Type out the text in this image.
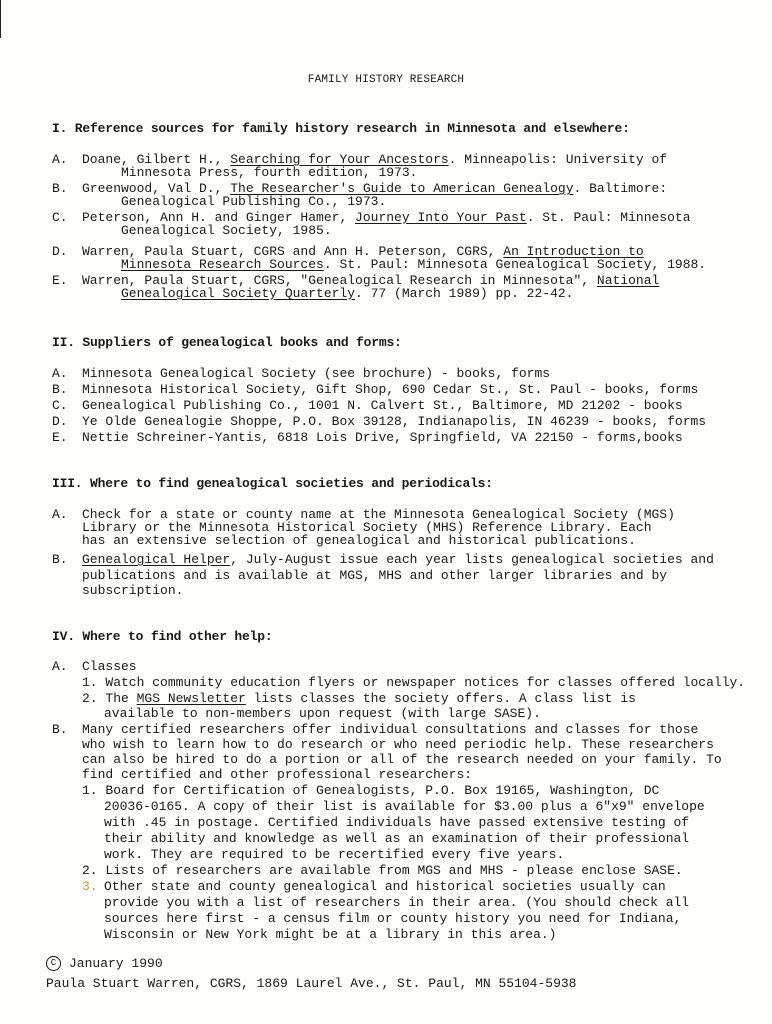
FAMILY HISTORY RESEARCH
I. Reference sources for family history research in Minnesota and elsewhere:
A. Doane, Gilbert H., Searching for Your Ancestors. Minneapolis: University of
Minnesota Press, fourth edition, 1973.
B. Greenwood, Val D., The Researcher's Guide to American Genealogy. Baltimore:
Genealogical Publishing Co., 1973.
C. Peterson, Ann H. and Ginger Hamer, Journey Into Your Past. St. Paul: Minnesota
Genealogical Society, 1985.
D. Warren, Paula Stuart, CGRS and Ann H. Peterson, CGRS, An Introduction to
Minnesota Research Sources. St. Paul: Minnesota Genealogical Society, 1988.
E. Warren, Paula Stuart, CGRS, "Genealogical Research in Minnesota", National
Genealogical Society Quarterly. 77 (March 1989) pp. 22-42.
II. Suppliers of genealogical books and forms:
A. Minnesota Genealogical Society (see brochure) - books, forms
B. Minnesota Historical Society, Gift Shop, 690 Cedar St., St. Paul - books, forms
C. Genealogical Publishing Co., 1001 N. Calvert St., Baltimore, MD 21202 - books
D. Ye Olde Genealogie Shoppe, P.O. Box 39128, Indianapolis, IN 46239 - books, forms
E. Nettie Schreiner-Yantis, 6818 Lois Drive, Springfield, VA 22150 - forms,books
III. Where to find genealogical societies and periodicals:
A. Check for a state or county name at the Minnesota Genealogical Society (MGS)
Library or the Minnesota Historical Society (MHS) Reference Library. Each
has an extensive selection of genealogical and historical publications.
B. Genealogical Helper, July-August issue each year lists genealogical societies and
publications and is available at MGS, MHS and other larger libraries and by
subscription.
IV. Where to find other help:
A. Classes
1. Watch community education flyers or newspaper notices for classes offered locally.
2. The MGS Newsletter lists classes the society offers. A class list is
available to non-members upon request (with large SASE).
B. Many certified researchers offer individual consultations and classes for those
who wish to learn how to do research or who need periodic help. These researchers
can also be hired to do a portion or all of the research needed on your family. To
find certified and other professional researchers:
1. Board for Certification of Genealogists, P.O. Box 19165, Washington, DC
20036-0165. A copy of their list is available for $3.00 plus a 6"x9" envelope
with .45 in postage. Certified individuals have passed extensive testing of
their ability and knowledge as well as an examination of their professional
work. They are required to be recertified every five years.
2. Lists of researchers are available from MGS and MHS - please enclose SASE.
3. Other state and county genealogical and historical societies usually can
provide you with a list of researchers in their area. (You should check all
sources here first - a census film or county history you need for Indiana,
Wisconsin or New York might be at a library in this area.)
C January 1990
Paula Stuart Warren, CGRS, 1869 Laurel Ave., St. Paul, MN 55104-5938
